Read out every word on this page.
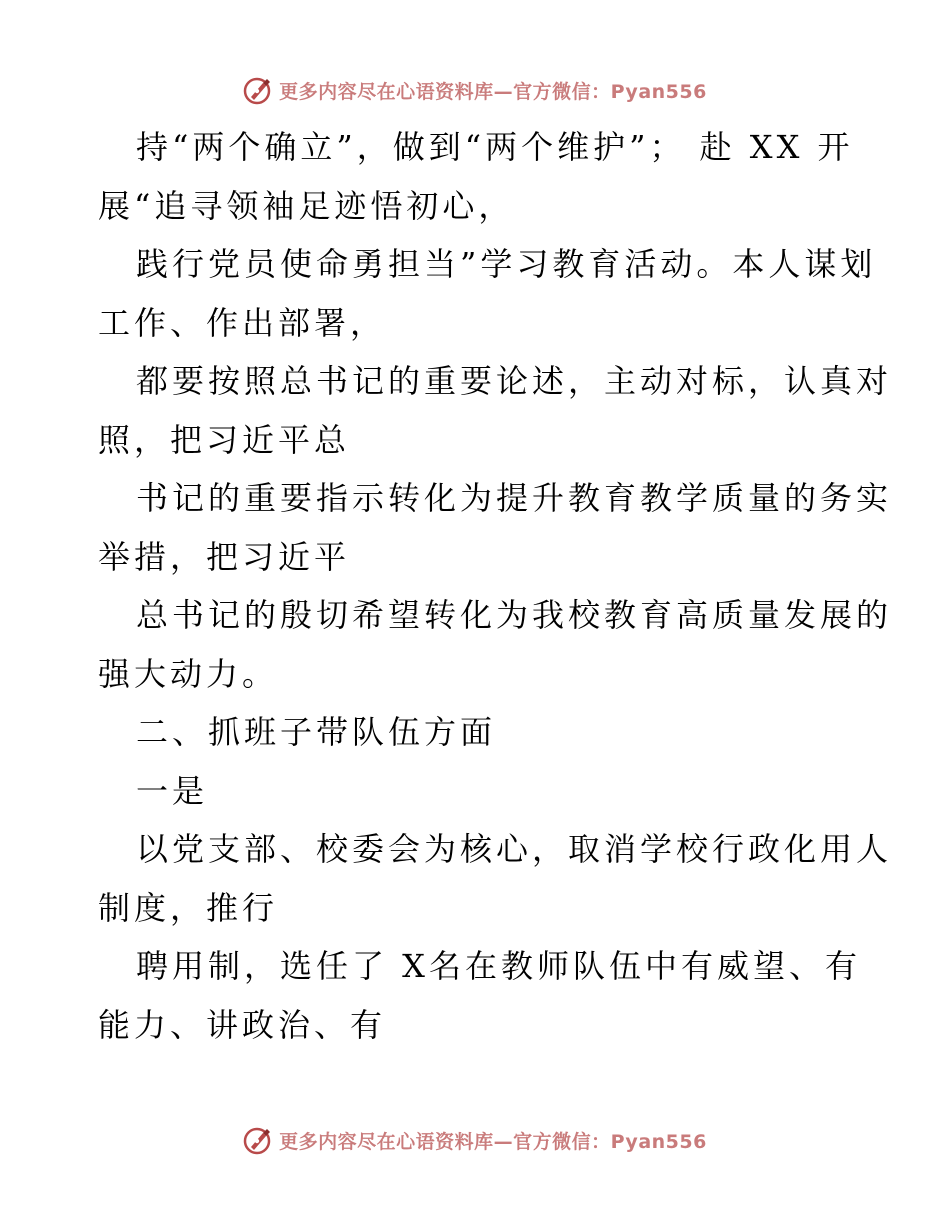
更多内容尽在心语资料库—官方微信：Pyan556
持“两个确立”，做到“两个维护”； 赴 XX 开
展“追寻领袖足迹悟初心，
践行党员使命勇担当”学习教育活动。本人谋划
工作、作出部署，
都要按照总书记的重要论述，主动对标，认真对
照，把习近平总
书记的重要指示转化为提升教育教学质量的务实
举措，把习近平
总书记的殷切希望转化为我校教育高质量发展的
强大动力。
二、抓班子带队伍方面
一是
以党支部、校委会为核心，取消学校行政化用人
制度，推行
聘用制，选任了 X名在教师队伍中有威望、有
能力、讲政治、有
更多内容尽在心语资料库—官方微信：Pyan556
